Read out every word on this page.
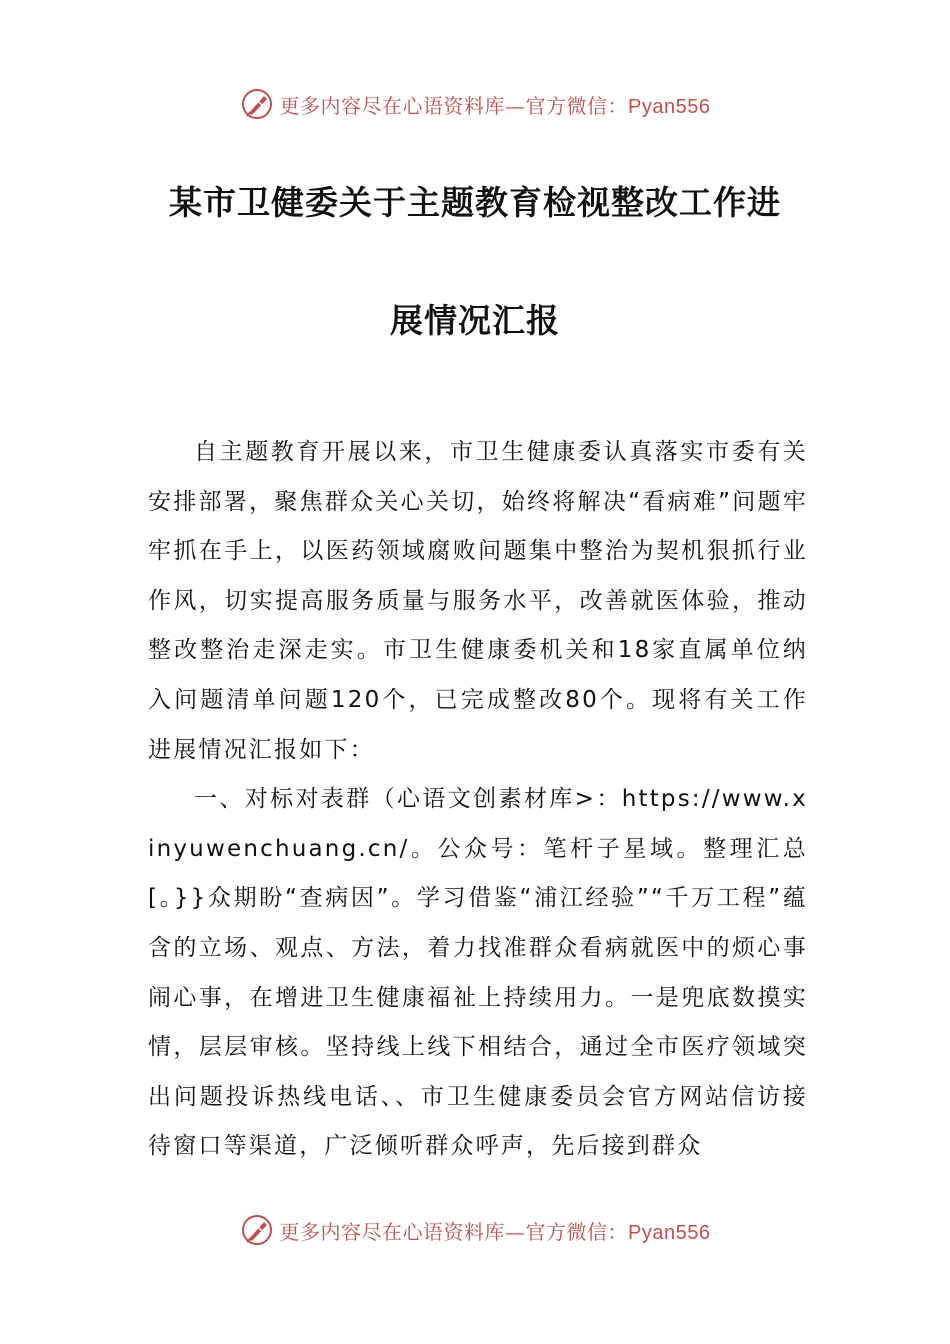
更多内容尽在心语资料库—官方微信：Pyan556
某市卫健委关于主题教育检视整改工作进
展情况汇报

自主题教育开展以来，市卫生健康委认真落实市委有关安排部署，聚焦群众关心关切，始终将解决“看病难”问题牢牢抓在手上，以医药领域腐败问题集中整治为契机狠抓行业作风，切实提高服务质量与服务水平，改善就医体验，推动整改整治走深走实。市卫生健康委机关和18家直属单位纳入问题清单问题120个，已完成整改80个。现将有关工作进展情况汇报如下：

一、对标对表群（心语文创素材库>：https://www.xinyuwenchuang.cn/。公众号：笔杆子星域。整理汇总[。}}众期盼“查病因”。学习借鉴“浦江经验”“千万工程”蕴含的立场、观点、方法，着力找准群众看病就医中的烦心事闹心事，在增进卫生健康福祉上持续用力。一是兜底数摸实情，层层审核。坚持线上线下相结合，通过全市医疗领域突出问题投诉热线电话、、市卫生健康委员会官方网站信访接待窗口等渠道，广泛倾听群众呼声，先后接到群众

更多内容尽在心语资料库—官方微信：Pyan556
